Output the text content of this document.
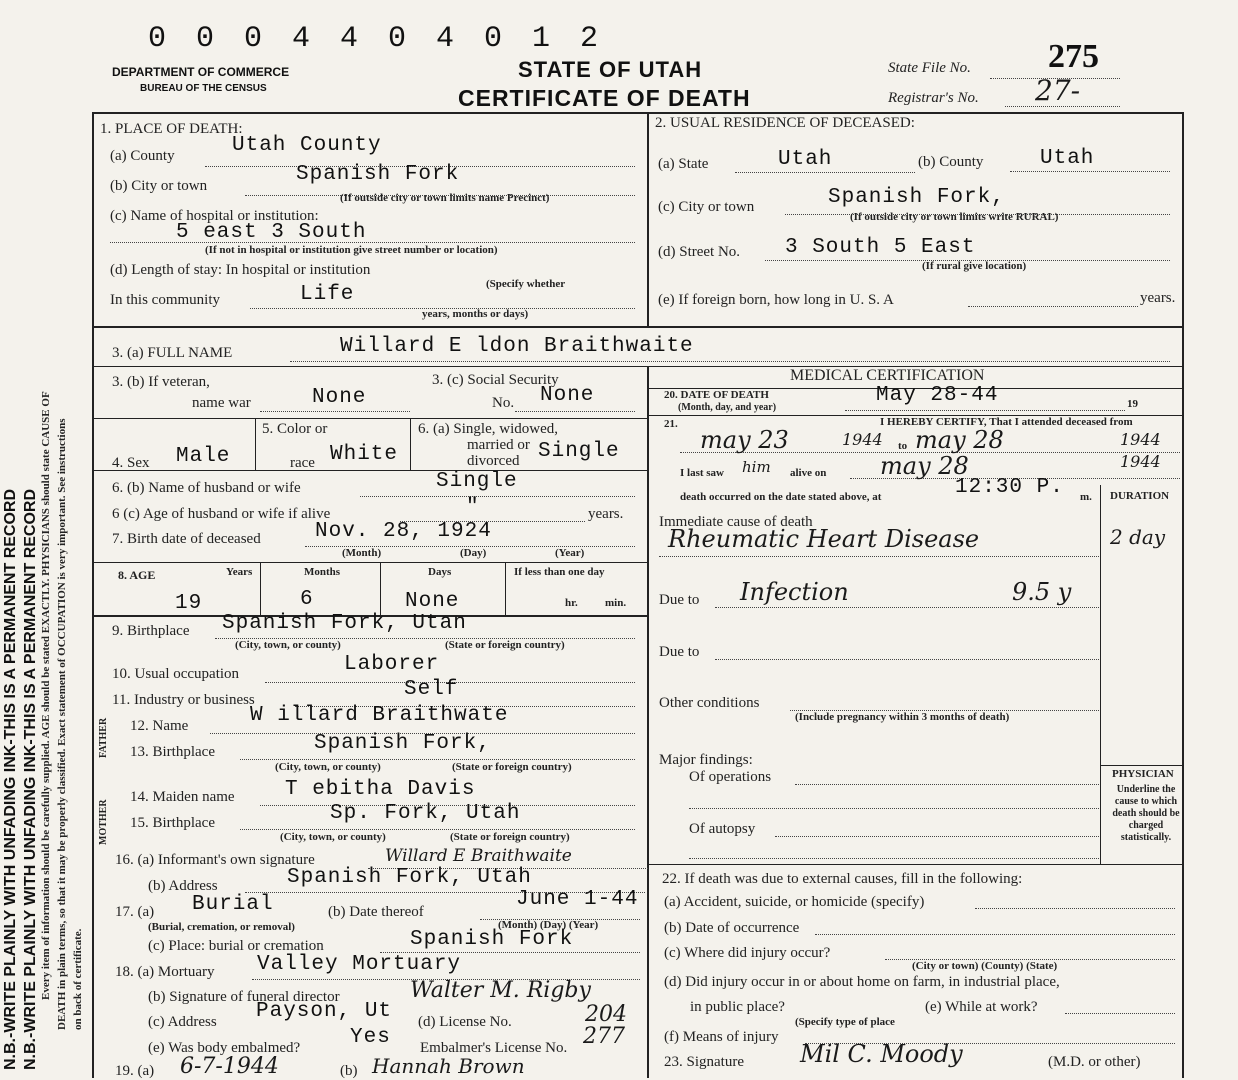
0 0 0 4 4 0 4 0 1 2
DEPARTMENT OF COMMERCE
BUREAU OF THE CENSUS
STATE OF UTAH
CERTIFICATE OF DEATH
State File No. 275
Registrar's No. 27-
N.B.-WRITE PLAINLY WITH UNFADING INK-THIS IS A PERMANENT RECORD N.B.-WRITE PLAINLY WITH UNFADING INK-THIS IS A PERMANENT RECORD Every item of information should be carefully supplied. AGE should be stated EXACTLY. PHYSICIANS should state CAUSE OF DEATH in plain terms, so that it may be properly classified. Exact statement of OCCUPATION is very important. See instructions on back of certificate.
1. PLACE OF DEATH:
(a) County	Utah County
(b) City or town	Spanish Fork
(If outside city or town limits name Precinct)
(c) Name of hospital or institution:
5 east 3 South
(If not in hospital or institution give street number or location)
(d) Length of stay: In hospital or institution
(Specify whether
In this community	Life
years, months or days)
2. USUAL RESIDENCE OF DECEASED:
(a) State	Utah	(b) County	Utah
(c) City or town	Spanish Fork,
(If outside city or town limits write RURAL)
(d) Street No. 3 South 5 East
(If rural give location)
(e) If foreign born, how long in U. S. A	years.
3. (a) FULL NAME	Willard E ldon Braithwaite
3. (b) If veteran,
name war	None
3. (c) Social Security
No. None
4. Sex Male
5. Color or
race White
6. (a) Single, widowed,
married or
divorced Single
6. (b) Name of husband or wife	Single
6 (c) Age of husband or wife if alive	"	years.
7. Birth date of deceased	Nov. 28, 1924
(Month)	(Day)	(Year)
8. AGE	Years	Months	Days	If less than one day
19	6	None	hr. min.
9. Birthplace Spanish Fork, Utan
(City, town, or county)	(State or foreign country)
10. Usual occupation	Laborer
11. Industry or business	Self
FATHER
MOTHER
12. Name	W illard Braithwate
13. Birthplace	Spanish Fork,
(City, town, or county)	(State or foreign country)
14. Maiden name T ebitha Davis
15. Birthplace	Sp. Fork, Utah
(City, town, or county)	(State or foreign country)
16. (a) Informant's own signature	Willard E Braithwaite
(b) Address	Spanish Fork, Utah
17. (a) Burial
(Burial, cremation, or removal)
(b) Date thereof
June 1-44
(Month) (Day) (Year)
(c) Place: burial or cremation	Spanish Fork
18. (a) Mortuary Valley Mortuary
(b) Signature of funeral director	Walter M. Rigby
(c) Address Payson, Ut (d) License No.	204
(e) Was body embalmed? Yes Embalmer's License No. 277
19. (a) 6-7-1944	(b) Hannah Brown
MEDICAL CERTIFICATION
20. DATE OF DEATH
(Month, day, and year)
May 28-44	19
21.	I HEREBY CERTIFY, That I attended deceased from
may 23	1944 to may 28	1944
I last saw him alive on may 28	1944
death occurred on the date stated above, at	12:30 P. m. DURATION
Immediate cause of death
Rheumatic Heart Disease	2 day
Due to Infection	9.5 y
Due to
Other conditions
(Include pregnancy within 3 months of death)
Major findings:
Of operations
Of autopsy
PHYSICIAN
Underline the cause to which death should be charged statistically.
22. If death was due to external causes, fill in the following:
(a) Accident, suicide, or homicide (specify)
(b) Date of occurrence
(c) Where did injury occur?
(City or town) (County) (State)
(d) Did injury occur in or about home on farm, in industrial place,
in public place?
(Specify type of place
(e) While at work?
(f) Means of injury
23. Signature Mil C. Moody	(M.D. or other)
